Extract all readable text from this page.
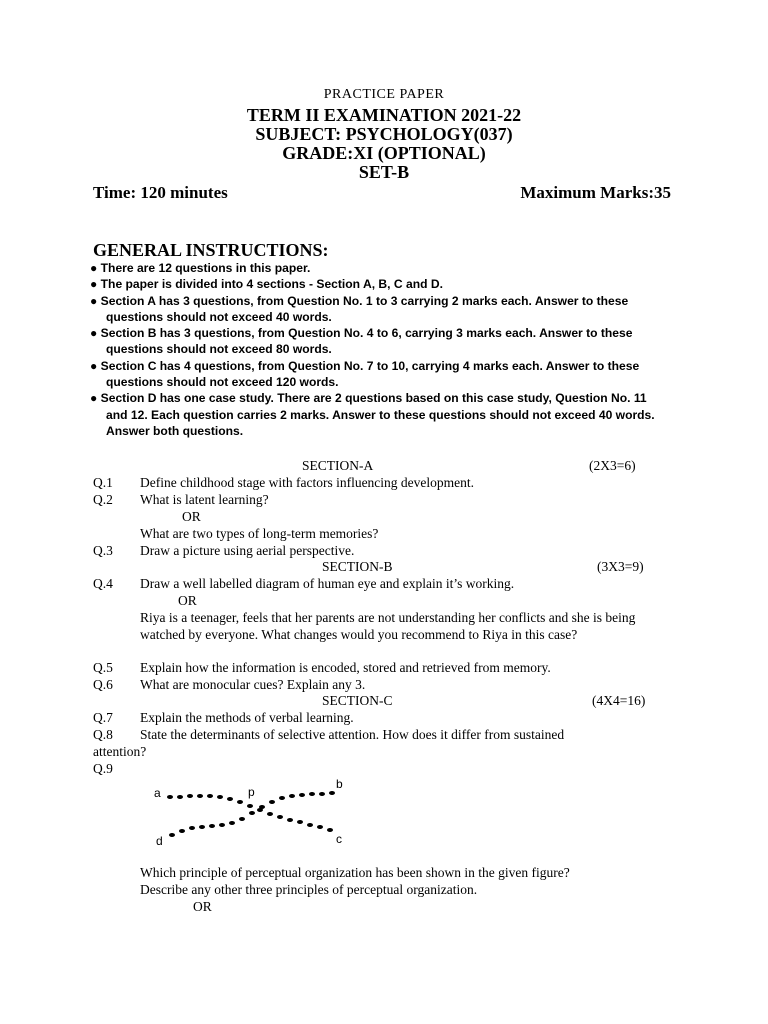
PRACTICE PAPER
TERM II EXAMINATION 2021-22
SUBJECT: PSYCHOLOGY(037)
GRADE:XI (OPTIONAL)
SET-B
Time: 120 minutes	Maximum Marks:35
GENERAL INSTRUCTIONS:

● There are 12 questions in this paper.

● The paper is divided into 4 sections - Section A, B, C and D.

● Section A has 3 questions, from Question No. 1 to 3 carrying 2 marks each. Answer to these
questions should not exceed 40 words.

● Section B has 3 questions, from Question No. 4 to 6, carrying 3 marks each. Answer to these
questions should not exceed 80 words.

● Section C has 4 questions, from Question No. 7 to 10, carrying 4 marks each. Answer to these
questions should not exceed 120 words.

● Section D has one case study. There are 2 questions based on this case study, Question No. 11
and 12. Each question carries 2 marks. Answer to these questions should not exceed 40 words.
Answer both questions.

SECTION-A	(2X3=6)
Q.1 Define childhood stage with factors influencing development.
Q.2 What is latent learning?
OR
What are two types of long-term memories?
Q.3 Draw a picture using aerial perspective.
SECTION-B	(3X3=9)
Q.4 Draw a well labelled diagram of human eye and explain it’s working.
OR
Riya is a teenager, feels that her parents are not understanding her conflicts and she is being watched by everyone. What changes would you recommend to Riya in this case?
Q.5 Explain how the information is encoded, stored and retrieved from memory.
Q.6 What are monocular cues? Explain any 3.
SECTION-C	(4X4=16)
Q.7 Explain the methods of verbal learning.
Q.8 State the determinants of selective attention. How does it differ from sustained
attention?
Q.9
a	p
b
c
d
Which principle of perceptual organization has been shown in the given figure?
Describe any other three principles of perceptual organization.
OR
